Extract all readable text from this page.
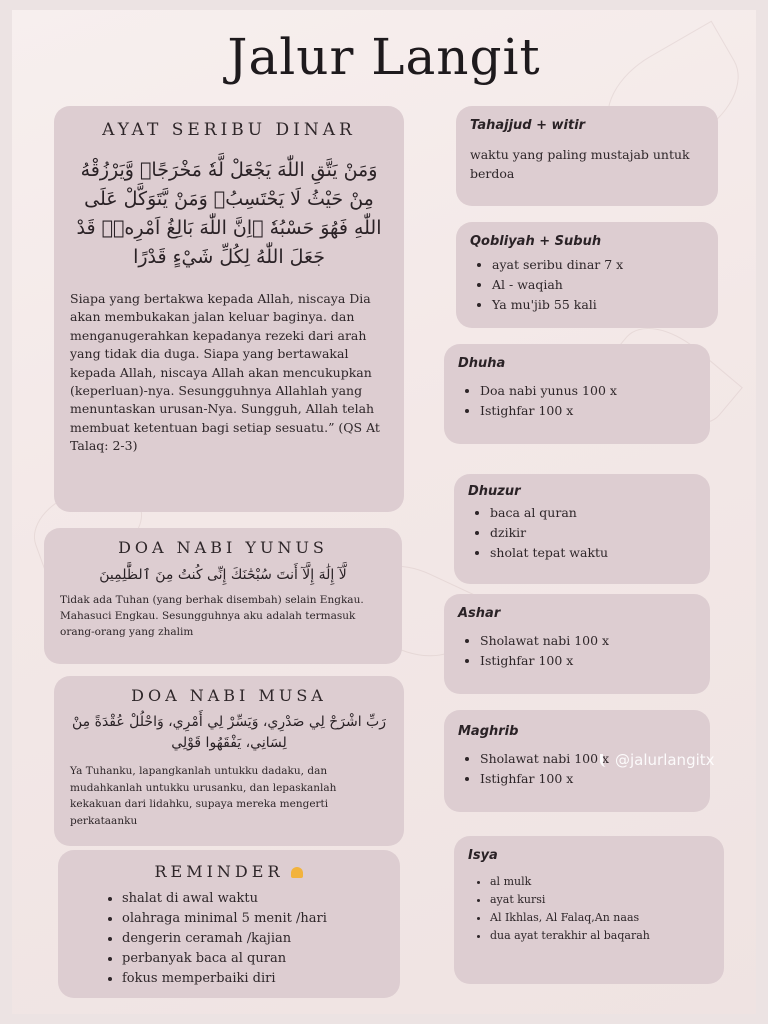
Jalur Langit
AYAT SERIBU DINAR
وَمَنْ يَتَّقِ اللّٰهَ يَجْعَلْ لَّهٗ مَخْرَجًاۙ وَّيَرْزُقْهُ مِنْ حَيْثُ لَا يَحْتَسِبُۗ وَمَنْ يَّتَوَكَّلْ عَلَى اللّٰهِ فَهُوَ حَسْبُهٗ ۗاِنَّ اللّٰهَ بَالِغُ اَمْرِهٖۗ قَدْ جَعَلَ اللّٰهُ لِكُلِّ شَيْءٍ قَدْرًا
Siapa yang bertakwa kepada Allah, niscaya Dia akan membukakan jalan keluar baginya. dan menganugerahkan kepadanya rezeki dari arah yang tidak dia duga. Siapa yang bertawakal kepada Allah, niscaya Allah akan mencukupkan (keperluan)-nya. Sesungguhnya Allahlah yang menuntaskan urusan-Nya. Sungguh, Allah telah membuat ketentuan bagi setiap sesuatu.” (QS At Talaq: 2-3)
DOA NABI YUNUS
لَّآ إِلَٰهَ إِلَّآ أَنتَ سُبْحَٰنَكَ إِنِّى كُنتُ مِنَ ٱلظَّٰلِمِينَ
Tidak ada Tuhan (yang berhak disembah) selain Engkau. Mahasuci Engkau. Sesungguhnya aku adalah termasuk orang-orang yang zhalim
DOA NABI MUSA
رَبِّ اشْرَحْ لِي صَدْرِي، وَيَسِّرْ لِي أَمْرِي، وَاحْلُلْ عُقْدَةً مِنْ لِسَانِي، يَفْقَهُوا قَوْلِي
Ya Tuhanku, lapangkanlah untukku dadaku, dan mudahkanlah untukku urusanku, dan lepaskanlah kekakuan dari lidahku, supaya mereka mengerti perkataanku
REMINDER
• shalat di awal waktu
• olahraga minimal 5 menit /hari
• dengerin ceramah /kajian
• perbanyak baca al quran
• fokus memperbaiki diri
Tahajjud + witir
waktu yang paling mustajab untuk berdoa
Qobliyah + Subuh
• ayat seribu dinar 7 x
• Al - waqiah
• Ya mu'jib 55 kali
Dhuha
• Doa nabi yunus 100 x
• Istighfar 100 x
Dhuzur
• baca al quran
• dzikir
• sholat tepat waktu
Ashar
• Sholawat nabi 100 x
• Istighfar 100 x
Maghrib
• Sholawat nabi 100 x
• Istighfar 100 x
Isya
• al mulk
• ayat kursi
• Al Ikhlas, Al Falaq,An naas
• dua ayat terakhir al baqarah
@jalurlangitx
